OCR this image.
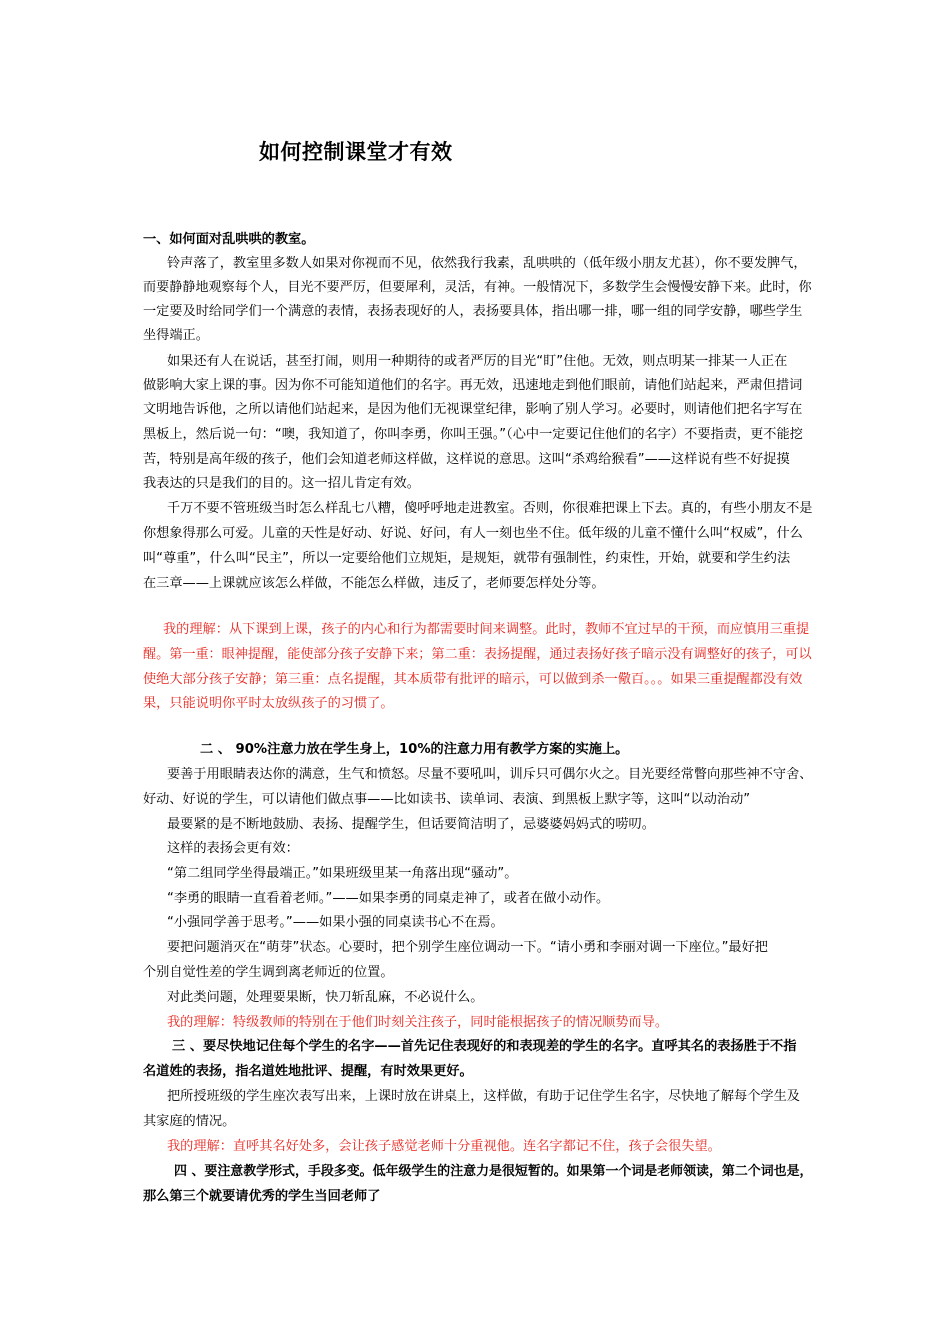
如何控制课堂才有效
一、如何面对乱哄哄的教室。
铃声落了，教室里多数人如果对你视而不见，依然我行我素，乱哄哄的（低年级小朋友尤甚），你不要发脾气，
而要静静地观察每个人，目光不要严厉，但要犀利，灵活，有神。一般情况下，多数学生会慢慢安静下来。此时，你
一定要及时给同学们一个满意的表情，表扬表现好的人，表扬要具体，指出哪一排，哪一组的同学安静，哪些学生
坐得端正。
如果还有人在说话，甚至打闹，则用一种期待的或者严厉的目光“盯”住他。无效，则点明某一排某一人正在
做影响大家上课的事。因为你不可能知道他们的名字。再无效，迅速地走到他们眼前，请他们站起来，严肃但措词
文明地告诉他，之所以请他们站起来，是因为他们无视课堂纪律，影响了别人学习。必要时，则请他们把名字写在
黑板上，然后说一句：“噢，我知道了，你叫李勇，你叫王强。”（心中一定要记住他们的名字）不要指责，更不能挖
苦，特别是高年级的孩子，他们会知道老师这样做，这样说的意思。这叫“杀鸡给猴看”——这样说有些不好捉摸
我表达的只是我们的目的。这一招儿肯定有效。
千万不要不管班级当时怎么样乱七八糟，傻呼呼地走进教室。否则，你很难把课上下去。真的，有些小朋友不是
你想象得那么可爱。儿童的天性是好动、好说、好问，有人一刻也坐不住。低年级的儿童不懂什么叫“权威”，什么
叫“尊重”，什么叫“民主”，所以一定要给他们立规矩，是规矩，就带有强制性，约束性，开始，就要和学生约法
在三章——上课就应该怎么样做，不能怎么样做，违反了，老师要怎样处分等。
我的理解：从下课到上课，孩子的内心和行为都需要时间来调整。此时，教师不宜过早的干预，而应慎用三重提
醒。第一重：眼神提醒，能使部分孩子安静下来；第二重：表扬提醒，通过表扬好孩子暗示没有调整好的孩子，可以
使绝大部分孩子安静；第三重：点名提醒，其本质带有批评的暗示，可以做到杀一儆百。。。如果三重提醒都没有效
果，只能说明你平时太放纵孩子的习惯了。
二 、 90%注意力放在学生身上，10%的注意力用有教学方案的实施上。
要善于用眼睛表达你的满意，生气和愤怒。尽量不要吼叫，训斥只可偶尔火之。目光要经常瞥向那些神不守舍、
好动、好说的学生，可以请他们做点事——比如读书、读单词、表演、到黑板上默字等，这叫“以动治动”
最要紧的是不断地鼓励、表扬、提醒学生，但话要简洁明了，忌婆婆妈妈式的唠叨。
这样的表扬会更有效：
“第二组同学坐得最端正。”如果班级里某一角落出现“骚动”。
“李勇的眼睛一直看着老师。”——如果李勇的同桌走神了，或者在做小动作。
“小强同学善于思考。”——如果小强的同桌读书心不在焉。
要把问题消灭在“萌芽”状态。心要时，把个别学生座位调动一下。“请小勇和李丽对调一下座位。”最好把
个别自觉性差的学生调到离老师近的位置。
对此类问题，处理要果断，快刀斩乱麻，不必说什么。
我的理解：特级教师的特别在于他们时刻关注孩子，同时能根据孩子的情况顺势而导。
三 、要尽快地记住每个学生的名字——首先记住表现好的和表现差的学生的名字。直呼其名的表扬胜于不指
名道姓的表扬，指名道姓地批评、提醒，有时效果更好。
把所授班级的学生座次表写出来，上课时放在讲桌上，这样做，有助于记住学生名字，尽快地了解每个学生及
其家庭的情况。
我的理解：直呼其名好处多，会让孩子感觉老师十分重视他。连名字都记不住，孩子会很失望。
四 、要注意教学形式，手段多变。低年级学生的注意力是很短暂的。如果第一个词是老师领读，第二个词也是，
那么第三个就要请优秀的学生当回老师了
